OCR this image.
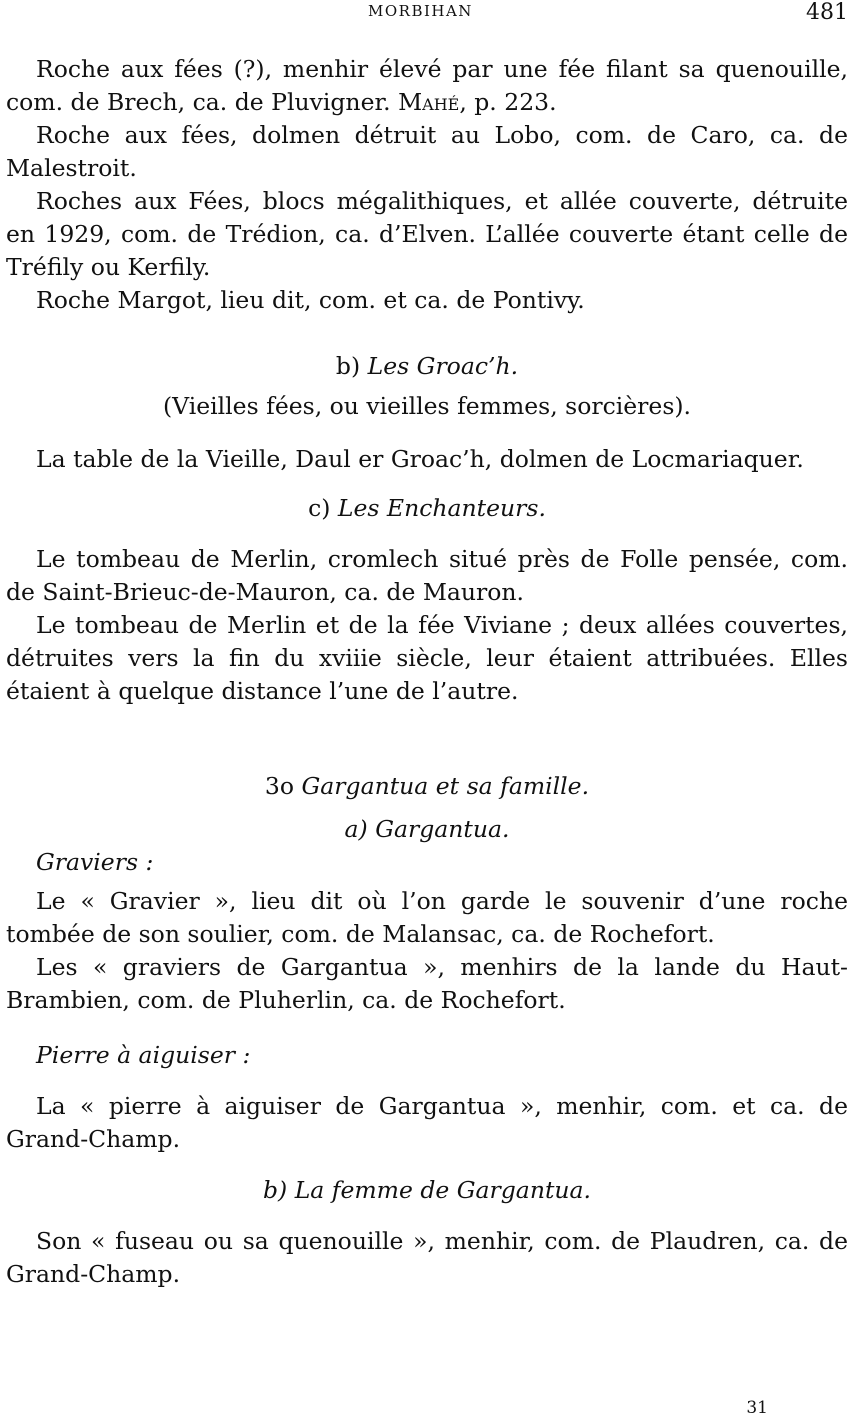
MORBIHAN	481

Roche aux fées (?), menhir élevé par une fée filant sa quenouille, com. de Brech, ca. de Pluvigner. Mahé, p. 223.

Roche aux fées, dolmen détruit au Lobo, com. de Caro, ca. de Malestroit.

Roches aux Fées, blocs mégalithiques, et allée couverte, détruite en 1929, com. de Trédion, ca. d’Elven. L’allée couverte étant celle de Tréfily ou Kerfily.

Roche Margot, lieu dit, com. et ca. de Pontivy.

b) Les Groac’h.

(Vieilles fées, ou vieilles femmes, sorcières).

La table de la Vieille, Daul er Groac’h, dolmen de Locmariaquer.

c) Les Enchanteurs.

Le tombeau de Merlin, cromlech situé près de Folle pensée, com. de Saint-Brieuc-de-Mauron, ca. de Mauron.

Le tombeau de Merlin et de la fée Viviane ; deux allées couvertes, détruites vers la fin du xviiie siècle, leur étaient attribuées. Elles étaient à quelque distance l’une de l’autre.

3o Gargantua et sa famille.

a) Gargantua.

Graviers :

Le « Gravier », lieu dit où l’on garde le souvenir d’une roche tombée de son soulier, com. de Malansac, ca. de Rochefort.

Les « graviers de Gargantua », menhirs de la lande du Haut-Brambien, com. de Pluherlin, ca. de Rochefort.

Pierre à aiguiser :

La « pierre à aiguiser de Gargantua », menhir, com. et ca. de Grand-Champ.

b) La femme de Gargantua.

Son « fuseau ou sa quenouille », menhir, com. de Plaudren, ca. de Grand-Champ.

31
